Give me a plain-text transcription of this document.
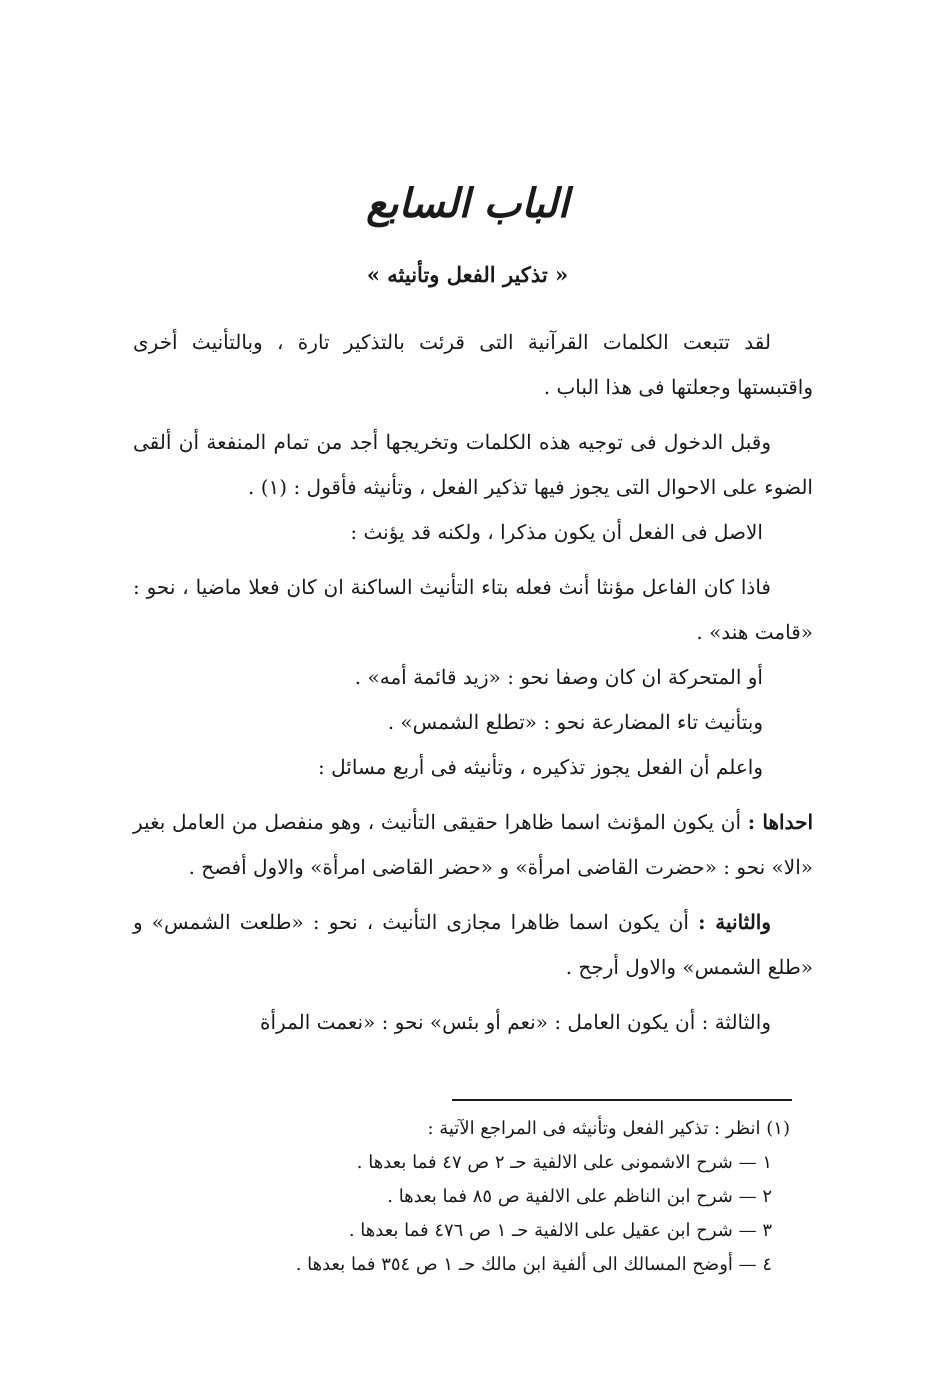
الباب السابع
« تذكير الفعل وتأنيثه »

لقد تتبعت الكلمات القرآنية التى قرئت بالتذكير تارة ، وبالتأنيث أخرى واقتبستها وجعلتها فى هذا الباب .

وقبل الدخول فى توجيه هذه الكلمات وتخريجها أجد من تمام المنفعة أن ألقى الضوء على الاحوال التى يجوز فيها تذكير الفعل ، وتأنيثه فأقول : (١) .

الاصل فى الفعل أن يكون مذكرا ، ولكنه قد يؤنث :

فاذا كان الفاعل مؤنثا أنث فعله بتاء التأنيث الساكنة ان كان فعلا ماضيا ، نحو : «قامت هند» .

أو المتحركة ان كان وصفا نحو : «زيد قائمة أمه» .

وبتأنيث تاء المضارعة نحو : «تطلع الشمس» .

واعلم أن الفعل يجوز تذكيره ، وتأنيثه فى أربع مسائل :

احداها : أن يكون المؤنث اسما ظاهرا حقيقى التأنيث ، وهو منفصل من العامل بغير «الا» نحو : «حضرت القاضى امرأة» و «حضر القاضى امرأة» والاول أفصح .

والثانية : أن يكون اسما ظاهرا مجازى التأنيث ، نحو : «طلعت الشمس» و «طلع الشمس» والاول أرجح .

والثالثة : أن يكون العامل : «نعم أو بئس» نحو : «نعمت المرأة

(١) انظر : تذكير الفعل وتأنيثه فى المراجع الآتية :

١ — شرح الاشمونى على الالفية حـ ٢ ص ٤٧ فما بعدها .

٢ — شرح ابن الناظم على الالفية ص ٨٥ فما بعدها .

٣ — شرح ابن عقيل على الالفية حـ ١ ص ٤٧٦ فما بعدها .

٤ — أوضح المسالك الى ألفية ابن مالك حـ ١ ص ٣٥٤ فما بعدها .
